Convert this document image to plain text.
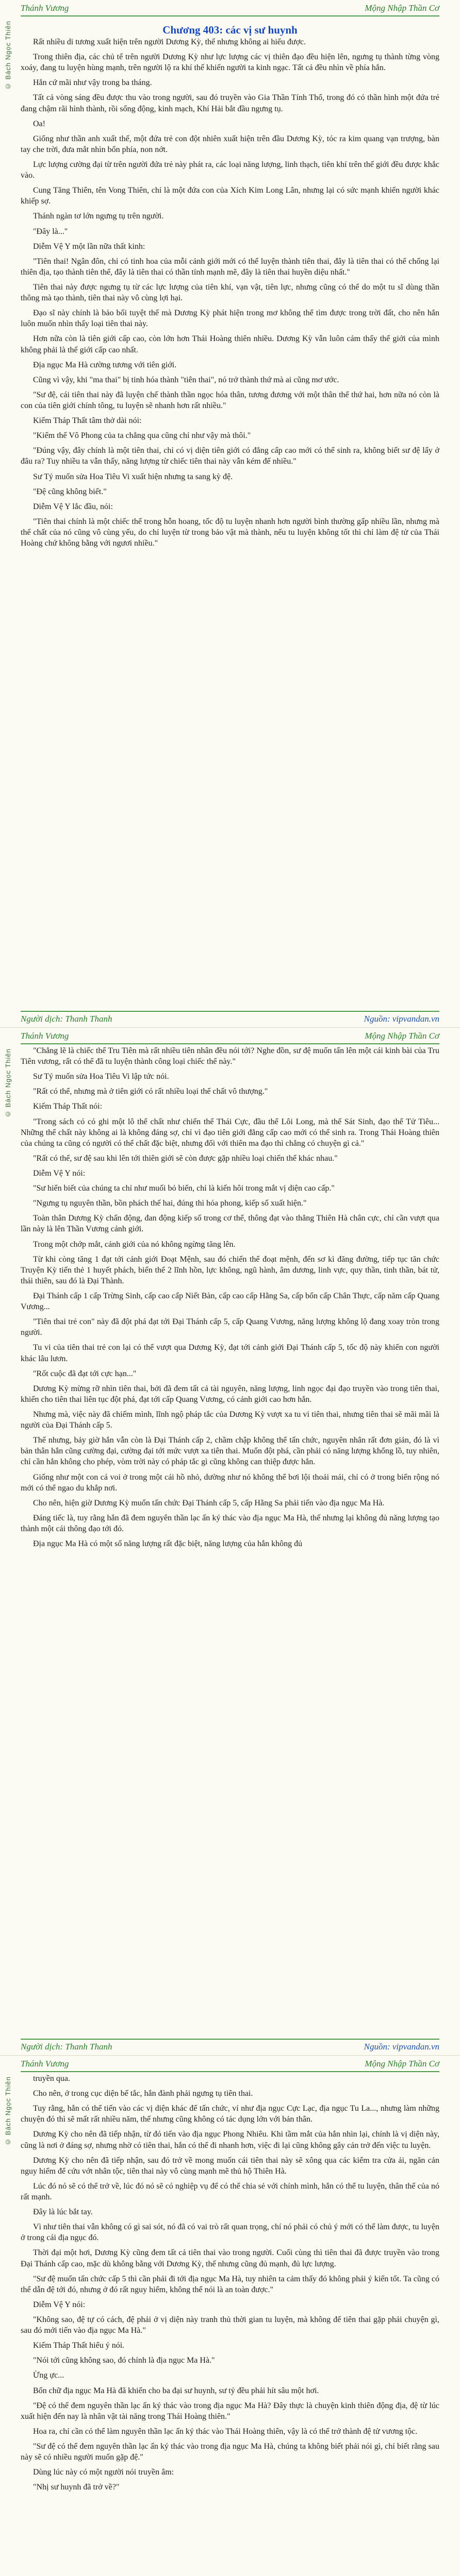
© Bách Ngọc Thiên
Thánh Vương	Mộng Nhập Thần Cơ
Chương 403: các vị sư huynh

Rất nhiều di tương xuất hiện trên người Dương Kỳ, thế nhưng không ai hiểu được.

Trong thiên địa, các chủ tể trên người Dương Kỳ như lực lượng các vị thiên đạo đều hiện lên, ngưng tụ thành từng vòng xoáy, đang tu luyện hùng mạnh, trên người lộ ra khí thế khiến người ta kinh ngạc. Tất cả đều nhìn về phía hắn.

Hắn cứ mãi như vậy trong ba tháng.

Tất cả vòng sáng đều được thu vào trong người, sau đó truyền vào Gia Thần Tính Thổ, trong đó có thần hình một đứa trẻ đang chậm rãi hình thành, rồi sống động, kinh mạch, Khí Hải bắt đầu ngưng tụ.

Oa!

Giống như thần anh xuất thế, một đứa trẻ con đột nhiên xuất hiện trên đầu Dương Kỳ, tóc ra kim quang vạn trượng, bàn tay che trời, đưa mắt nhìn bốn phía, non nớt.

Lực lượng cường đại từ trên người đứa trẻ này phát ra, các loại năng lượng, linh thạch, tiên khí trên thế giới đều được khắc vào.

Cung Tăng Thiên, tên Vong Thiên, chỉ là một đứa con của Xích Kim Long Lân, nhưng lại có sức mạnh khiến người khác khiếp sợ.

Thánh ngàn tơ lớn ngưng tụ trên người.

"Đây là..."

Diễm Vệ Y một lần nữa thất kinh:

"Tiên thai! Ngân đôn, chỉ có tinh hoa của mỗi cảnh giới mới có thể luyện thành tiên thai, đây là tiên thai có thể chống lại thiên địa, tạo thành tiên thể, đây là tiên thai có thần tính mạnh mẽ, đây là tiên thai huyền diệu nhất."

Tiên thai này được ngưng tụ từ các lực lượng của tiên khí, vạn vật, tiên lực, nhưng cũng có thể do một tu sĩ dùng thần thông mà tạo thành, tiên thai này vô cùng lợi hại.

Đạo sĩ này chính là bảo bối tuyệt thế mà Dương Kỳ phát hiện trong mơ không thể tìm được trong trời đất, cho nên hắn luôn muốn nhìn thấy loại tiên thai này.

Hơn nữa còn là tiên giới cấp cao, còn lớn hơn Thái Hoàng thiên nhiều. Dương Kỳ vẫn luôn cảm thấy thế giới của mình không phải là thế giới cấp cao nhất.

Địa ngục Ma Hà cường tương với tiên giới.

Cũng vì vậy, khi "ma thai" bị tinh hóa thành "tiên thai", nó trở thành thứ mà ai cũng mơ ước.

"Sư đệ, cái tiên thai này đã luyện chế thành thần ngọc hóa thân, tương đương với một thân thể thứ hai, hơn nữa nó còn là con của tiên giới chính tông, tu luyện sẽ nhanh hơn rất nhiều."

Kiếm Tháp Thất tâm thở dài nói:

"Kiếm thể Vô Phong của ta chẳng qua cũng chỉ như vậy mà thôi."

"Đúng vậy, đây chính là một tiên thai, chỉ có vị diện tiên giới có đẳng cấp cao mới có thể sinh ra, không biết sư đệ lấy ở đâu ra? Tuy nhiều ta vẫn thấy, năng lượng từ chiếc tiên thai này vẫn kém đế nhiều."

Sư Tý muốn sửa Hoa Tiêu Vi xuất hiện nhưng ta sang kỳ đệ.

"Đệ cũng không biết."

Diễm Vệ Y lắc đầu, nói:

"Tiên thai chính là một chiếc thể trong hỗn hoang, tốc độ tu luyện nhanh hơn người bình thường gấp nhiều lần, nhưng mà thể chất của nó cũng vô cùng yếu, do chỉ luyện từ trong bảo vật mà thành, nếu tu luyện không tốt thì chỉ làm đệ tử của Thái Hoàng chứ không bằng với ngươi nhiều."

Người dịch: Thanh Thanh	Nguồn: vipvandan.vn
© Bách Ngọc Thiên
Thánh Vương	Mộng Nhập Thần Cơ

"Chẳng lẽ là chiếc thể Tru Tiên mà rất nhiều tiên nhân đều nói tới? Nghe đồn, sư đệ muốn tấn lên một cái kinh bài của Tru Tiên vương, rất có thể đã tu luyện thành công loại chiếc thể này."

Sư Tý muốn sửa Hoa Tiêu Vi lập tức nói.

"Rất có thể, nhưng mà ở tiên giới có rất nhiều loại thể chất vô thượng."

Kiếm Tháp Thất nói:

"Trong sách có có ghi một lô thể chất như chiến thể Thái Cực, đầu thể Lôi Long, mà thể Sát Sinh, đạo thể Tử Tiêu... Những thể chất này không ai là không đáng sợ, chỉ vì đạo tiên giới đẳng cấp cao mới có thể sinh ra. Trong Thái Hoàng thiên của chúng ta cũng có người có thể chất đặc biệt, nhưng đối với thiên ma đạo thì chẳng có chuyện gì cả."

"Rất có thể, sư đệ sau khi lên tới thiên giới sẽ còn được gặp nhiều loại chiến thể khác nhau."

Diễm Vệ Y nói:

"Sư hiển biết của chúng ta chỉ như muối bỏ biển, chỉ là kiến hôi trong mắt vị diện cao cấp."

"Ngưng tụ nguyên thần, bồn phách thế hai, đúng thì hóa phong, kiếp số xuất hiện."

Toàn thân Dương Kỳ chấn động, đan động kiếp số trong cơ thể, thông đạt vào thẳng Thiên Hà chân cực, chỉ cần vượt qua lần này là lên Thần Vương cảnh giới.

Trong một chớp mắt, cảnh giới của nó không ngừng tăng lên.

Từ khi còng tăng 1 đạt tới cảnh giới Đoạt Mệnh, sau đó chiến thể đoạt mệnh, đến sơ kì đăng đường, tiếp tục tăn chức Truyện Kỳ tiến thẻ 1 huyết phách, biến thể 2 lĩnh hồn, lực không, ngũ hành, âm dương, linh vực, quy thần, tinh thần, bát tử, thái thiên, sau đó là Đại Thành.

Đại Thánh cấp 1 cấp Trừng Sinh, cấp cao cấp Niết Bàn, cấp cao cấp Hằng Sa, cấp bốn cấp Chân Thực, cấp năm cấp Quang Vương...

"Tiên thai trẻ con" này đã đột phá đạt tới Đại Thánh cấp 5, cấp Quang Vương, năng lượng không lộ đang xoay tròn trong người.

Tu vi của tiên thai trẻ con lại có thể vượt qua Dương Kỳ, đạt tới cảnh giới Đại Thánh cấp 5, tốc độ này khiến con người khác lâu lươn.

"Rốt cuộc đã đạt tới cực hạn..."

Dương Kỳ mừng rỡ nhìn tiên thai, bởi đã đem tất cả tài nguyên, năng lượng, linh ngọc đại đạo truyền vào trong tiên thai, khiến cho tiên thai liên tục đột phá, đạt tới cấp Quang Vương, có cảnh giới cao hơn hắn.

Nhưng mà, việc này đã chiếm mình, lĩnh ngộ pháp tắc của Dương Kỳ vượt xa tu vi tiên thai, nhưng tiên thai sẽ mãi mãi là người của Đại Thánh cấp 5.

Thế nhưng, bảy giờ hắn vẫn còn là Đại Thánh cấp 2, chầm chập không thể tấn chức, nguyên nhân rất đơn giản, đó là vì bản thân hắn cũng cường đại, cường đại tới mức vượt xa tiên thai. Muốn đột phá, cần phải có năng lượng khổng lồ, tuy nhiên, chỉ cần hắn không cho phép, vòm trời này có pháp tắc gì cũng không can thiệp được hắn.

Giống như một con cá voi ở trong một cái hồ nhỏ, dường như nó không thể bơi lội thoải mái, chỉ có ở trong biển rộng nó mới có thể ngao du khắp nơi.

Cho nên, hiện giờ Dương Kỳ muốn tấn chức Đại Thánh cấp 5, cấp Hằng Sa phải tiến vào địa ngục Ma Hà.

Đáng tiếc là, tuy rằng hắn đã đem nguyên thần lạc ấn ký thác vào địa ngục Ma Hà, thế nhưng lại không đủ năng lượng tạo thành một cái thông đạo tới đó.

Địa ngục Ma Hà có một số năng lượng rất đặc biệt, năng lượng của hắn không đủ

Người dịch: Thanh Thanh	Nguồn: vipvandan.vn
© Bách Ngọc Thiên
Thánh Vương	Mộng Nhập Thần Cơ

truyền qua.

Cho nên, ở trong cục diện bế tắc, hắn đành phải ngưng tụ tiên thai.

Tuy rằng, hắn có thể tiến vào các vị diện khác để tấn chức, ví như địa ngục Cực Lạc, địa ngục Tu La..., nhưng làm những chuyện đó thì sẽ mất rất nhiều năm, thế nhưng cũng không có tác dụng lớn với bản thân.

Dương Kỳ cho nên đã tiếp nhận, từ đó tiến vào địa ngục Phong Nhiêu. Khi tầm mắt của hắn nhìn lại, chính là vị diện này, cũng là nơi ở đáng sợ, nhưng nhờ có tiên thai, hắn có thể đi nhanh hơn, việc đi lại cũng không gây cản trở đến việc tu luyện.

Dương Kỳ cho nên đã tiếp nhận, sau đó trở về mong muốn cái tiên thai này sẽ xông qua các kiểm tra cửa ải, ngăn cản nguy hiểm để cứu vớt nhân tộc, tiên thai này vô cùng mạnh mẽ thủ hộ Thiên Hà.

Lúc đó nó sẽ có thể trở về, lúc đó nó sẽ có nghiệp vụ để có thể chia sẻ với chính mình, hắn có thể tu luyện, thân thể của nó rất mạnh.

Đây là lúc bắt tay.

Vì như tiên thai vẫn không có gì sai sót, nó đã có vai trò rất quan trọng, chí nó phải có chủ ý mới có thể làm được, tu luyện ở trong cái địa ngục đó.

Thời đại một hơi, Dương Kỳ cũng đem tất cả tiên thai vào trong người. Cuối cùng thì tiên thai đã được truyền vào trong Đại Thánh cấp cao, mặc dù không bằng với Dương Kỳ, thế nhưng cũng đủ mạnh, đủ lực lượng.

"Sư đệ muốn tấn chức cấp 5 thì cần phải đi tới địa ngục Ma Hà, tuy nhiên ta cảm thấy đó không phải ý kiến tốt. Ta cũng có thể dẫn đệ tới đó, nhưng ở đó rất nguy hiểm, không thể nói là an toàn được."

Diễm Vệ Y nói:

"Không sao, đệ tự có cách, đệ phải ở vị diện này tranh thủ thời gian tu luyện, mà không để tiên thai gặp phải chuyện gì, sau đó mới tiến vào địa ngục Ma Hà."

Kiếm Tháp Thất hiểu ý nói.

"Nói tới cũng không sao, đó chính là địa ngục Ma Hà."

Ừng ực...

Bốn chữ địa ngục Ma Hà đã khiến cho ba đại sư huynh, sư tỷ đều phải hít sâu một hơi.

"Đệ có thể đem nguyên thần lạc ấn ký thác vào trong địa ngục Ma Hà? Đây thực là chuyện kinh thiên động địa, đệ từ lúc xuất hiện đến nay là nhân vật tài năng trong Thái Hoàng thiên."

Hoa ra, chỉ cần có thể làm nguyên thần lạc ấn ký thác vào Thái Hoàng thiên, vậy là có thể trở thành đệ tử vương tộc.

"Sư đệ có thể đem nguyên thần lạc ấn ký thác vào trong địa ngục Ma Hà, chúng ta không biết phải nói gì, chỉ biết rằng sau này sẽ có nhiều người muốn gặp đệ."

Dùng lúc này có một người nói truyền âm:

"Nhị sư huynh đã trở về?"
